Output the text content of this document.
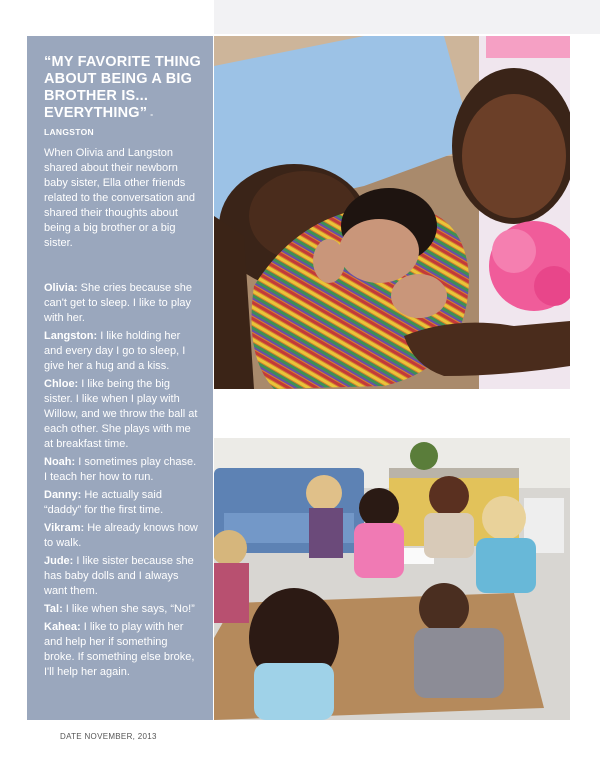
“MY FAVORITE THING ABOUT BEING A BIG BROTHER IS... EVERYTHING” -LANGSTON

When Olivia and Langston shared about their newborn baby sister, Ella other friends related to the conversation and shared their thoughts about being a big brother or a big sister.

Olivia: She cries because she can't get to sleep. I like to play with her.

Langston: I like holding her and every day I go to sleep, I give her a hug and a kiss.

Chloe: I like being the big sister. I like when I play with Willow, and we throw the ball at each other. She plays with me at breakfast time.

Noah: I sometimes play chase. I teach her how to run.

Danny: He actually said “daddy” for the first time.

Vikram: He already knows how to walk.

Jude: I like sister because she has baby dolls and I always want them.

Tal: I like when she says, “No!”

Kahea: I like to play with her and help her if something broke. If something else broke, I'll help her again.

DATE NOVEMBER, 2013
